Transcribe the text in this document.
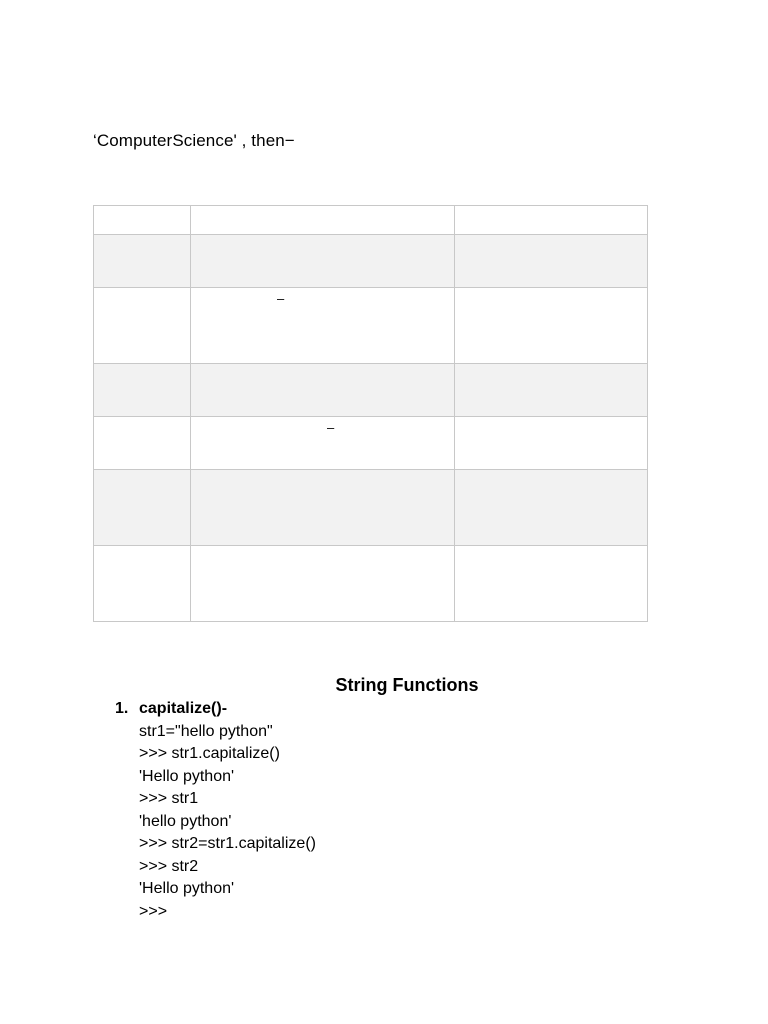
‘ComputerScience' , then−

	–	

	–	

String Functions
1. capitalize()-
str1="hello python"
>>> str1.capitalize()
'Hello python'
>>> str1
'hello python'
>>> str2=str1.capitalize()
>>> str2
'Hello python'
>>>
